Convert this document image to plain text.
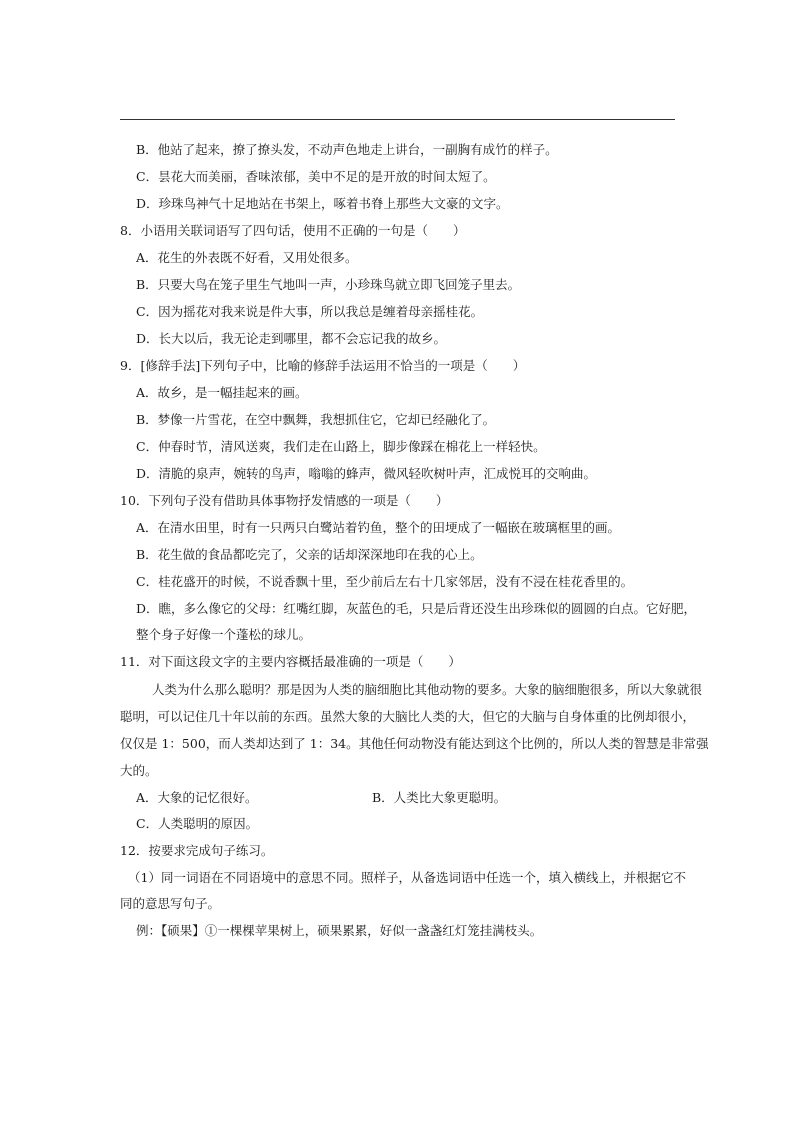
B．他站了起来，撩了撩头发，不动声色地走上讲台，一副胸有成竹的样子。
C．昙花大而美丽，香味浓郁，美中不足的是开放的时间太短了。
D．珍珠鸟神气十足地站在书架上，啄着书脊上那些大文豪的文字。
8．小语用关联词语写了四句话，使用不正确的一句是（　　）
A．花生的外表既不好看，又用处很多。
B．只要大鸟在笼子里生气地叫一声，小珍珠鸟就立即飞回笼子里去。
C．因为摇花对我来说是件大事，所以我总是缠着母亲摇桂花。
D．长大以后，我无论走到哪里，都不会忘记我的故乡。
9．[修辞手法]下列句子中，比喻的修辞手法运用不恰当的一项是（　　）
A．故乡，是一幅挂起来的画。
B．梦像一片雪花，在空中飘舞，我想抓住它，它却已经融化了。
C．仲春时节，清风送爽，我们走在山路上，脚步像踩在棉花上一样轻快。
D．清脆的泉声，婉转的鸟声，嗡嗡的蜂声，微风轻吹树叶声，汇成悦耳的交响曲。
10．下列句子没有借助具体事物抒发情感的一项是（　　）
A．在清水田里，时有一只两只白鹭站着钓鱼，整个的田埂成了一幅嵌在玻璃框里的画。
B．花生做的食品都吃完了，父亲的话却深深地印在我的心上。
C．桂花盛开的时候，不说香飘十里，至少前后左右十几家邻居，没有不浸在桂花香里的。
D．瞧，多么像它的父母：红嘴红脚，灰蓝色的毛，只是后背还没生出珍珠似的圆圆的白点。它好肥，
整个身子好像一个蓬松的球儿。
11．对下面这段文字的主要内容概括最准确的一项是（　　）
人类为什么那么聪明？那是因为人类的脑细胞比其他动物的要多。大象的脑细胞很多，所以大象就很
聪明，可以记住几十年以前的东西。虽然大象的大脑比人类的大，但它的大脑与自身体重的比例却很小，
仅仅是 1：500，而人类却达到了 1：34。其他任何动物没有能达到这个比例的，所以人类的智慧是非常强
大的。
A．大象的记忆很好。	B．人类比大象更聪明。
C．人类聪明的原因。
12．按要求完成句子练习。
（1）同一词语在不同语境中的意思不同。照样子，从备选词语中任选一个，填入横线上，并根据它不
同的意思写句子。
例：【硕果】①一棵棵苹果树上，硕果累累，好似一盏盏红灯笼挂满枝头。
